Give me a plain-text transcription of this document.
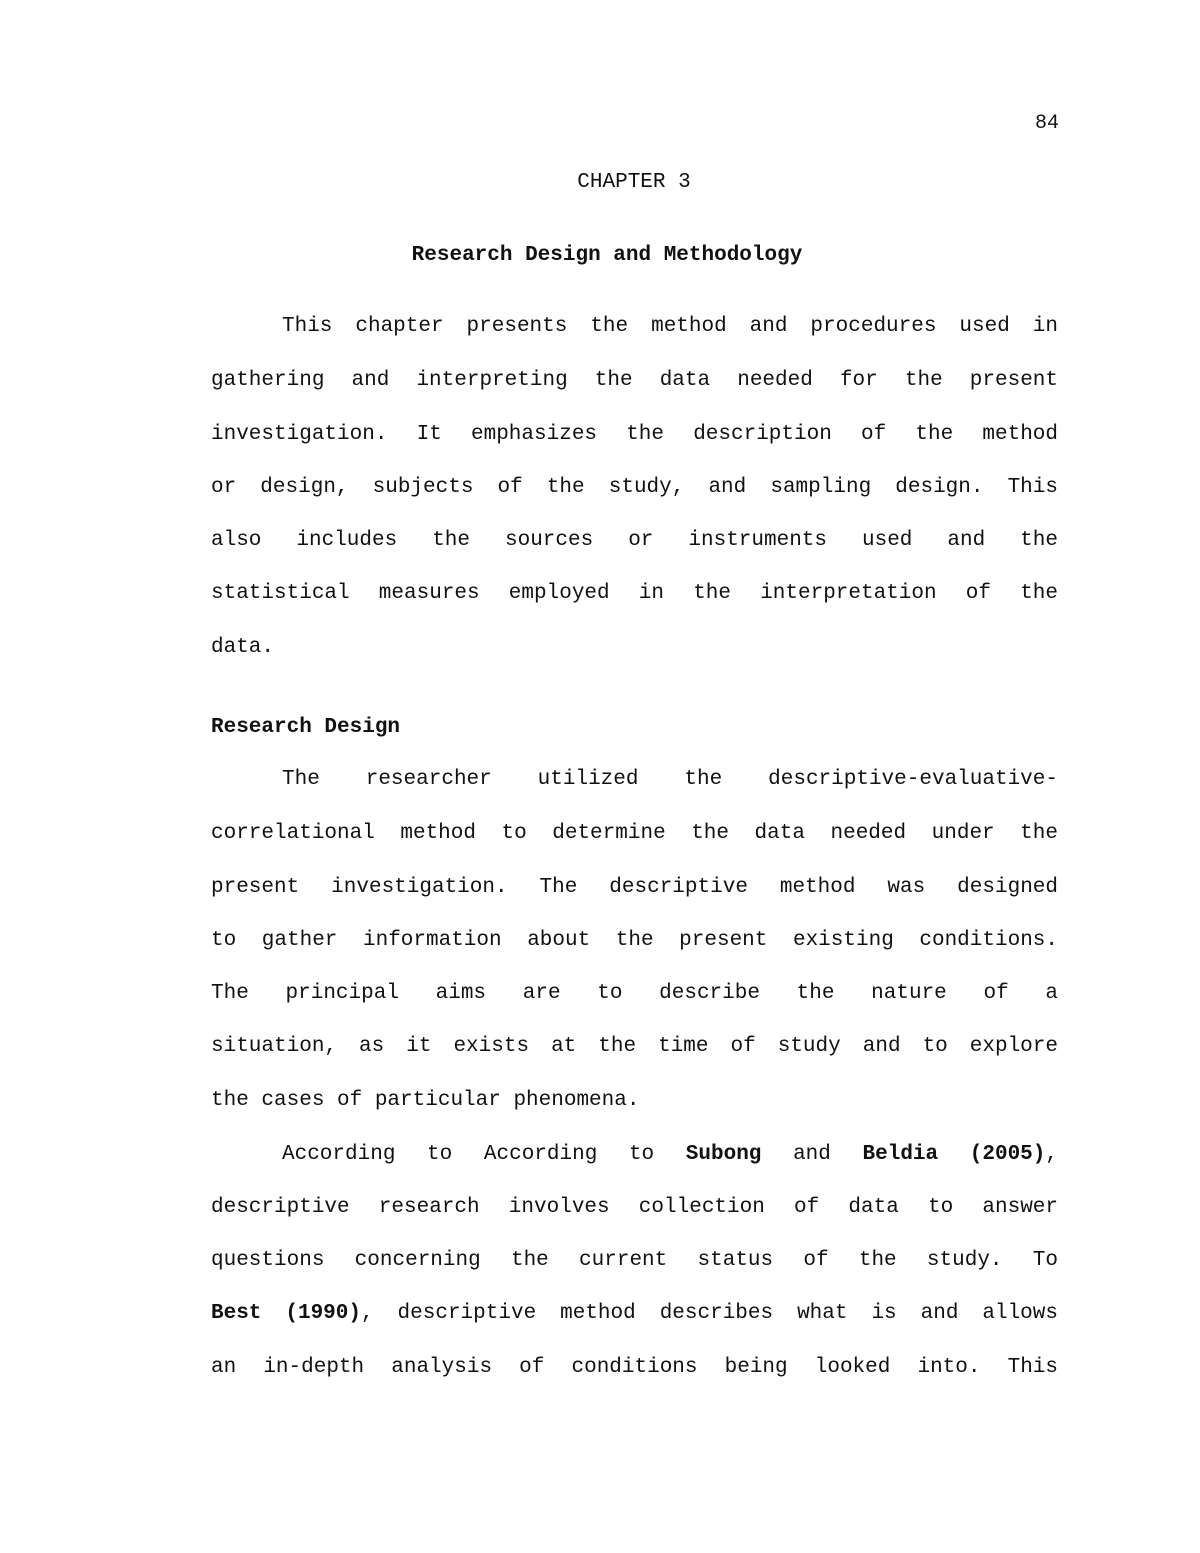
84
CHAPTER 3
Research Design and Methodology
This chapter presents the method and procedures used in
gathering and interpreting the data needed for the present
investigation. It emphasizes the description of the method
or design, subjects of the study, and sampling design. This
also includes the sources or instruments used and the
statistical measures employed in the interpretation of the
data.
Research Design
The researcher utilized the descriptive-evaluative-
correlational method to determine the data needed under the
present investigation. The descriptive method was designed
to gather information about the present existing conditions.
The principal aims are to describe the nature of a
situation, as it exists at the time of study and to explore
the cases of particular phenomena.
According to According to Subong and Beldia (2005),
descriptive research involves collection of data to answer
questions concerning the current status of the study. To
Best (1990), descriptive method describes what is and allows
an in-depth analysis of conditions being looked into. This
